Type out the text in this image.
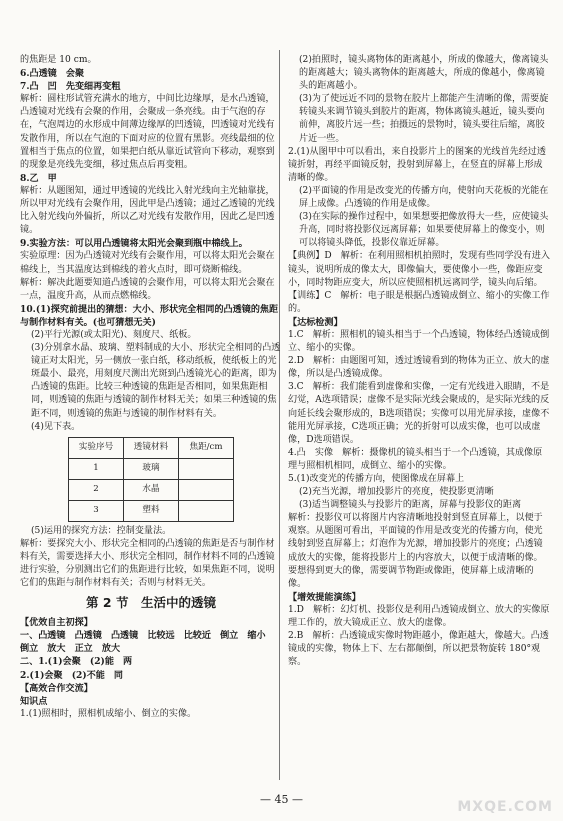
的焦距是 10 cm。

6.凸透镜　会聚

7.凸　凹　先变细再变粗

解析：圆柱形试管充满水的地方，中间比边缘厚，是水凸透镜，凸透镜对光线有会聚的作用，会聚成一条亮线。由于气泡的存在，气泡周边的水形成中间薄边缘厚的凹透镜，凹透镜对光线有发散作用，所以在气泡的下面对应的位置有黑影。亮线最细的位置相当于焦点的位置，如果把白纸从靠近试管向下移动，观察到的现象是亮线先变细，移过焦点后再变粗。

8.乙　甲

解析：从题图知，通过甲透镜的光线比入射光线向主光轴靠拢，所以甲对光线有会聚作用，因此甲是凸透镜；通过乙透镜的光线比入射光线向外偏折，所以乙对光线有发散作用，因此乙是凹透镜。

9.实验方法：可以用凸透镜将太阳光会聚到瓶中棉线上。

实验原理：因为凸透镜对光线有会聚作用，可以将太阳光会聚在棉线上，当其温度达到棉线的着火点时，即可烧断棉线。

解析：解决此题要知道凸透镜的会聚作用，可以将太阳光会聚在一点，温度升高，从而点燃棉线。

10.(1)探究前提出的猜想：大小、形状完全相同的凸透镜的焦距与制作材料有关。(也可猜想无关)

(2)平行光源(或太阳光)、刻度尺、纸板。

(3)分别拿水晶、玻璃、塑料制成的大小、形状完全相同的凸透镜正对太阳光，另一侧放一张白纸，移动纸板，使纸板上的光斑最小、最亮，用刻度尺测出光斑到凸透镜光心的距离，即为凸透镜的焦距。比较三种透镜的焦距是否相同，如果焦距相同，则透镜的焦距与透镜的制作材料无关；如果三种透镜的焦距不同，则透镜的焦距与透镜的制作材料有关。

(4)见下表。

实验序号	透镜材料	焦距/cm
1	玻璃	
2	水晶	
3	塑料	

(5)运用的探究方法：控制变量法。

解析：要探究大小、形状完全相同的凸透镜的焦距是否与制作材料有关，需要选择大小、形状完全相同，制作材料不同的凸透镜进行实验，分别测出它们的焦距进行比较，如果焦距不同，说明它们的焦距与制作材料有关；否则与材料无关。

第 2 节　生活中的透镜

【优效自主初探】

一、凸透镜　凸透镜　凸透镜　比较远　比较近　倒立　缩小　倒立　放大　正立　放大

二、1.(1)会聚　(2)能　两

2.(1)会聚　(2)不能　同

【高效合作交流】

知识点

1.(1)照相时，照相机成缩小、倒立的实像。

(2)拍照时，镜头离物体的距离越小，所成的像越大，像离镜头的距离越大；镜头离物体的距离越大，所成的像越小，像离镜头的距离越小。

(3)为了使远近不同的景物在胶片上都能产生清晰的像，需要旋转镜头来调节镜头到胶片的距离，物体离镜头越近，镜头要向前伸，离胶片远一些；拍摄远的景物时，镜头要往后缩，离胶片近一些。

2.(1)从图甲中可以看出，来自投影片上的图案的光线首先经过透镜折射，再经平面镜反射，投射到屏幕上，在竖直的屏幕上形成清晰的像。

(2)平面镜的作用是改变光的传播方向，使射向天花板的光能在屏上成像。凸透镜的作用是成像。

(3)在实际的操作过程中，如果想要把像放得大一些，应使镜头升高，同时将投影仪远离屏幕；如果要使屏幕上的像变小，则可以将镜头降低，投影仪靠近屏幕。

【典例】D　解析：在利用照相机拍照时，发现有些同学没有进入镜头，说明所成的像太大，即像偏大，要使像小一些，像距应变小，同时物距应变大，所以应使照相机远离同学，镜头向后缩。

【训练】C　解析：电子眼是根据凸透镜成倒立、缩小的实像工作的。

【达标检测】

1.C　解析：照相机的镜头相当于一个凸透镜，物体经凸透镜成倒立、缩小的实像。

2.D　解析：由题图可知，透过透镜看到的物体为正立、放大的虚像，所以是凸透镜成像。

3.C　解析：我们能看到虚像和实像，一定有光线进入眼睛，不是幻觉，A选项错误；虚像不是实际光线会聚成的，是实际光线的反向延长线会聚形成的，B选项错误；实像可以用光屏承接，虚像不能用光屏承接，C选项正确；光的折射可以成实像，也可以成虚像，D选项错误。

4.凸　实像　解析：摄像机的镜头相当于一个凸透镜，其成像原理与照相机相同，成倒立、缩小的实像。

5.(1)改变光的传播方向，使图像成在屏幕上

(2)充当光源，增加投影片的亮度，使投影更清晰

(3)适当调整镜头与投影片的距离，屏幕与投影仪的距离

解析：投影仪可以将图片内容清晰地投射到竖直屏幕上，以便于观察。从题图可看出，平面镜的作用是改变光的传播方向，使光线射到竖直屏幕上；灯泡作为光源，增加投影片的亮度；凸透镜成放大的实像，能将投影片上的内容放大，以便于成清晰的像。要想得到更大的像，需要调节物距或像距，使屏幕上成清晰的像。

【增效提能演练】

1.D　解析：幻灯机、投影仪是利用凸透镜成倒立、放大的实像原理工作的，放大镜成正立、放大的虚像。

2.B　解析：凸透镜成实像时物距越小，像距越大，像越大。凸透镜成的实像，物体上下、左右都颠倒，所以把景物旋转 180°观察。

— 45 —	MXQE.COM
